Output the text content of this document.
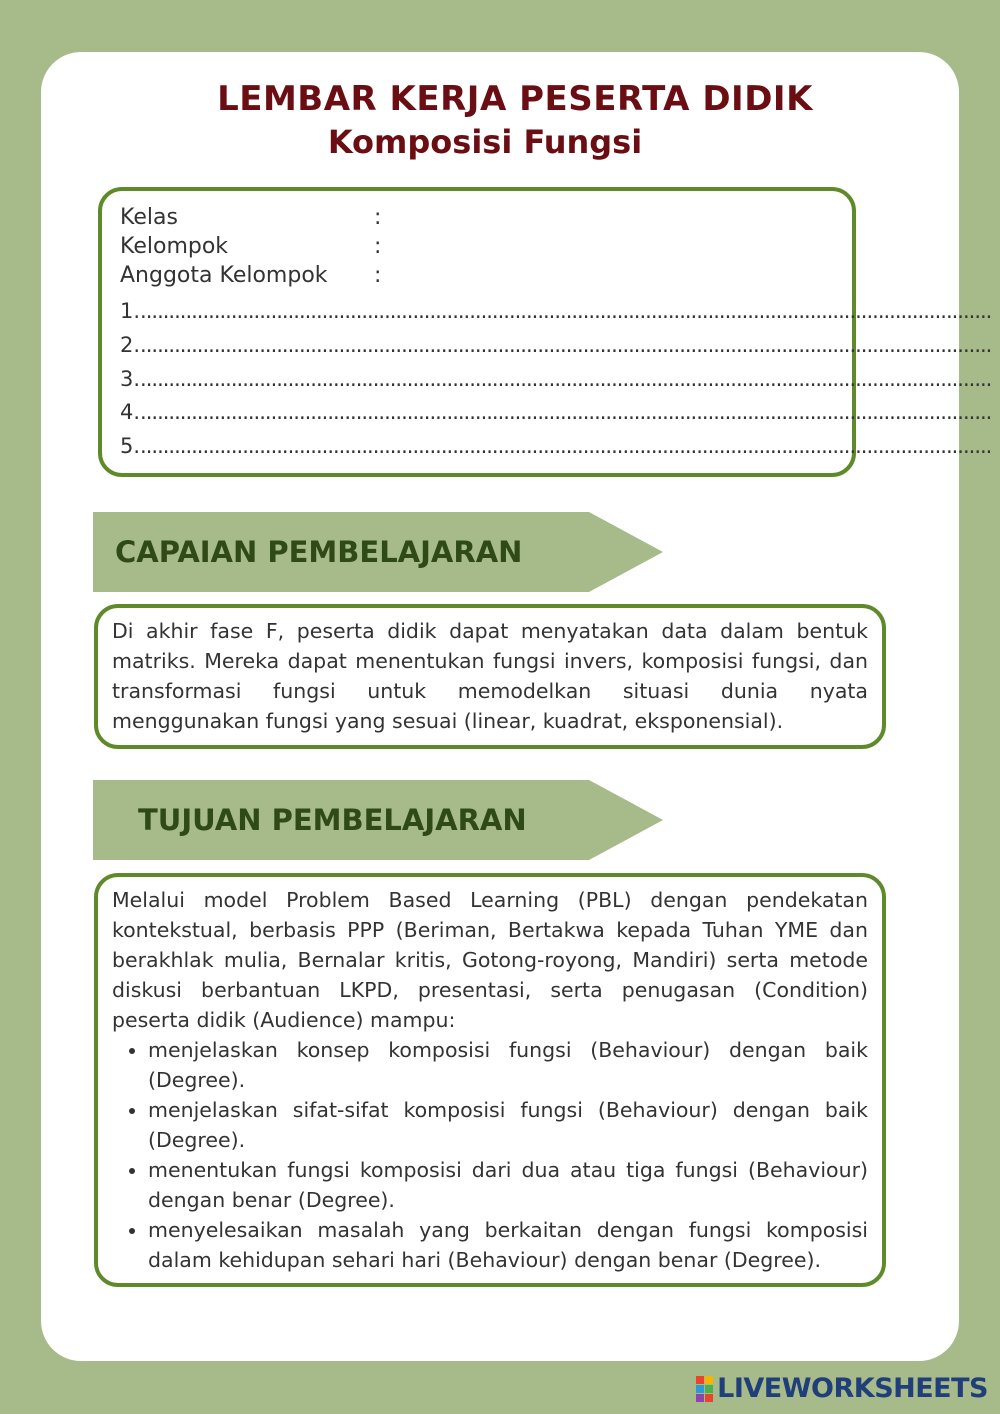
LEMBAR KERJA PESERTA DIDIK
Komposisi Fungsi
Kelas	:
Kelompok	:
Anggota Kelompok :
1.......................................................................................................................................................
2.......................................................................................................................................................
3.......................................................................................................................................................
4.......................................................................................................................................................
5.......................................................................................................................................................
CAPAIAN PEMBELAJARAN

Di akhir fase F, peserta didik dapat menyatakan data dalam bentuk matriks. Mereka dapat menentukan fungsi invers, komposisi fungsi, dan transformasi fungsi untuk memodelkan situasi dunia nyata menggunakan fungsi yang sesuai (linear, kuadrat, eksponensial).

TUJUAN PEMBELAJARAN

Melalui model Problem Based Learning (PBL) dengan pendekatan kontekstual, berbasis PPP (Beriman, Bertakwa kepada Tuhan YME dan berakhlak mulia, Bernalar kritis, Gotong-royong, Mandiri) serta metode diskusi berbantuan LKPD, presentasi, serta penugasan (Condition) peserta didik (Audience) mampu:

• menjelaskan konsep komposisi fungsi (Behaviour) dengan baik (Degree).
• menjelaskan sifat-sifat komposisi fungsi (Behaviour) dengan baik (Degree).
• menentukan fungsi komposisi dari dua atau tiga fungsi (Behaviour) dengan benar (Degree).
• menyelesaikan masalah yang berkaitan dengan fungsi komposisi dalam kehidupan sehari hari (Behaviour) dengan benar (Degree).
LIVEWORKSHEETS
